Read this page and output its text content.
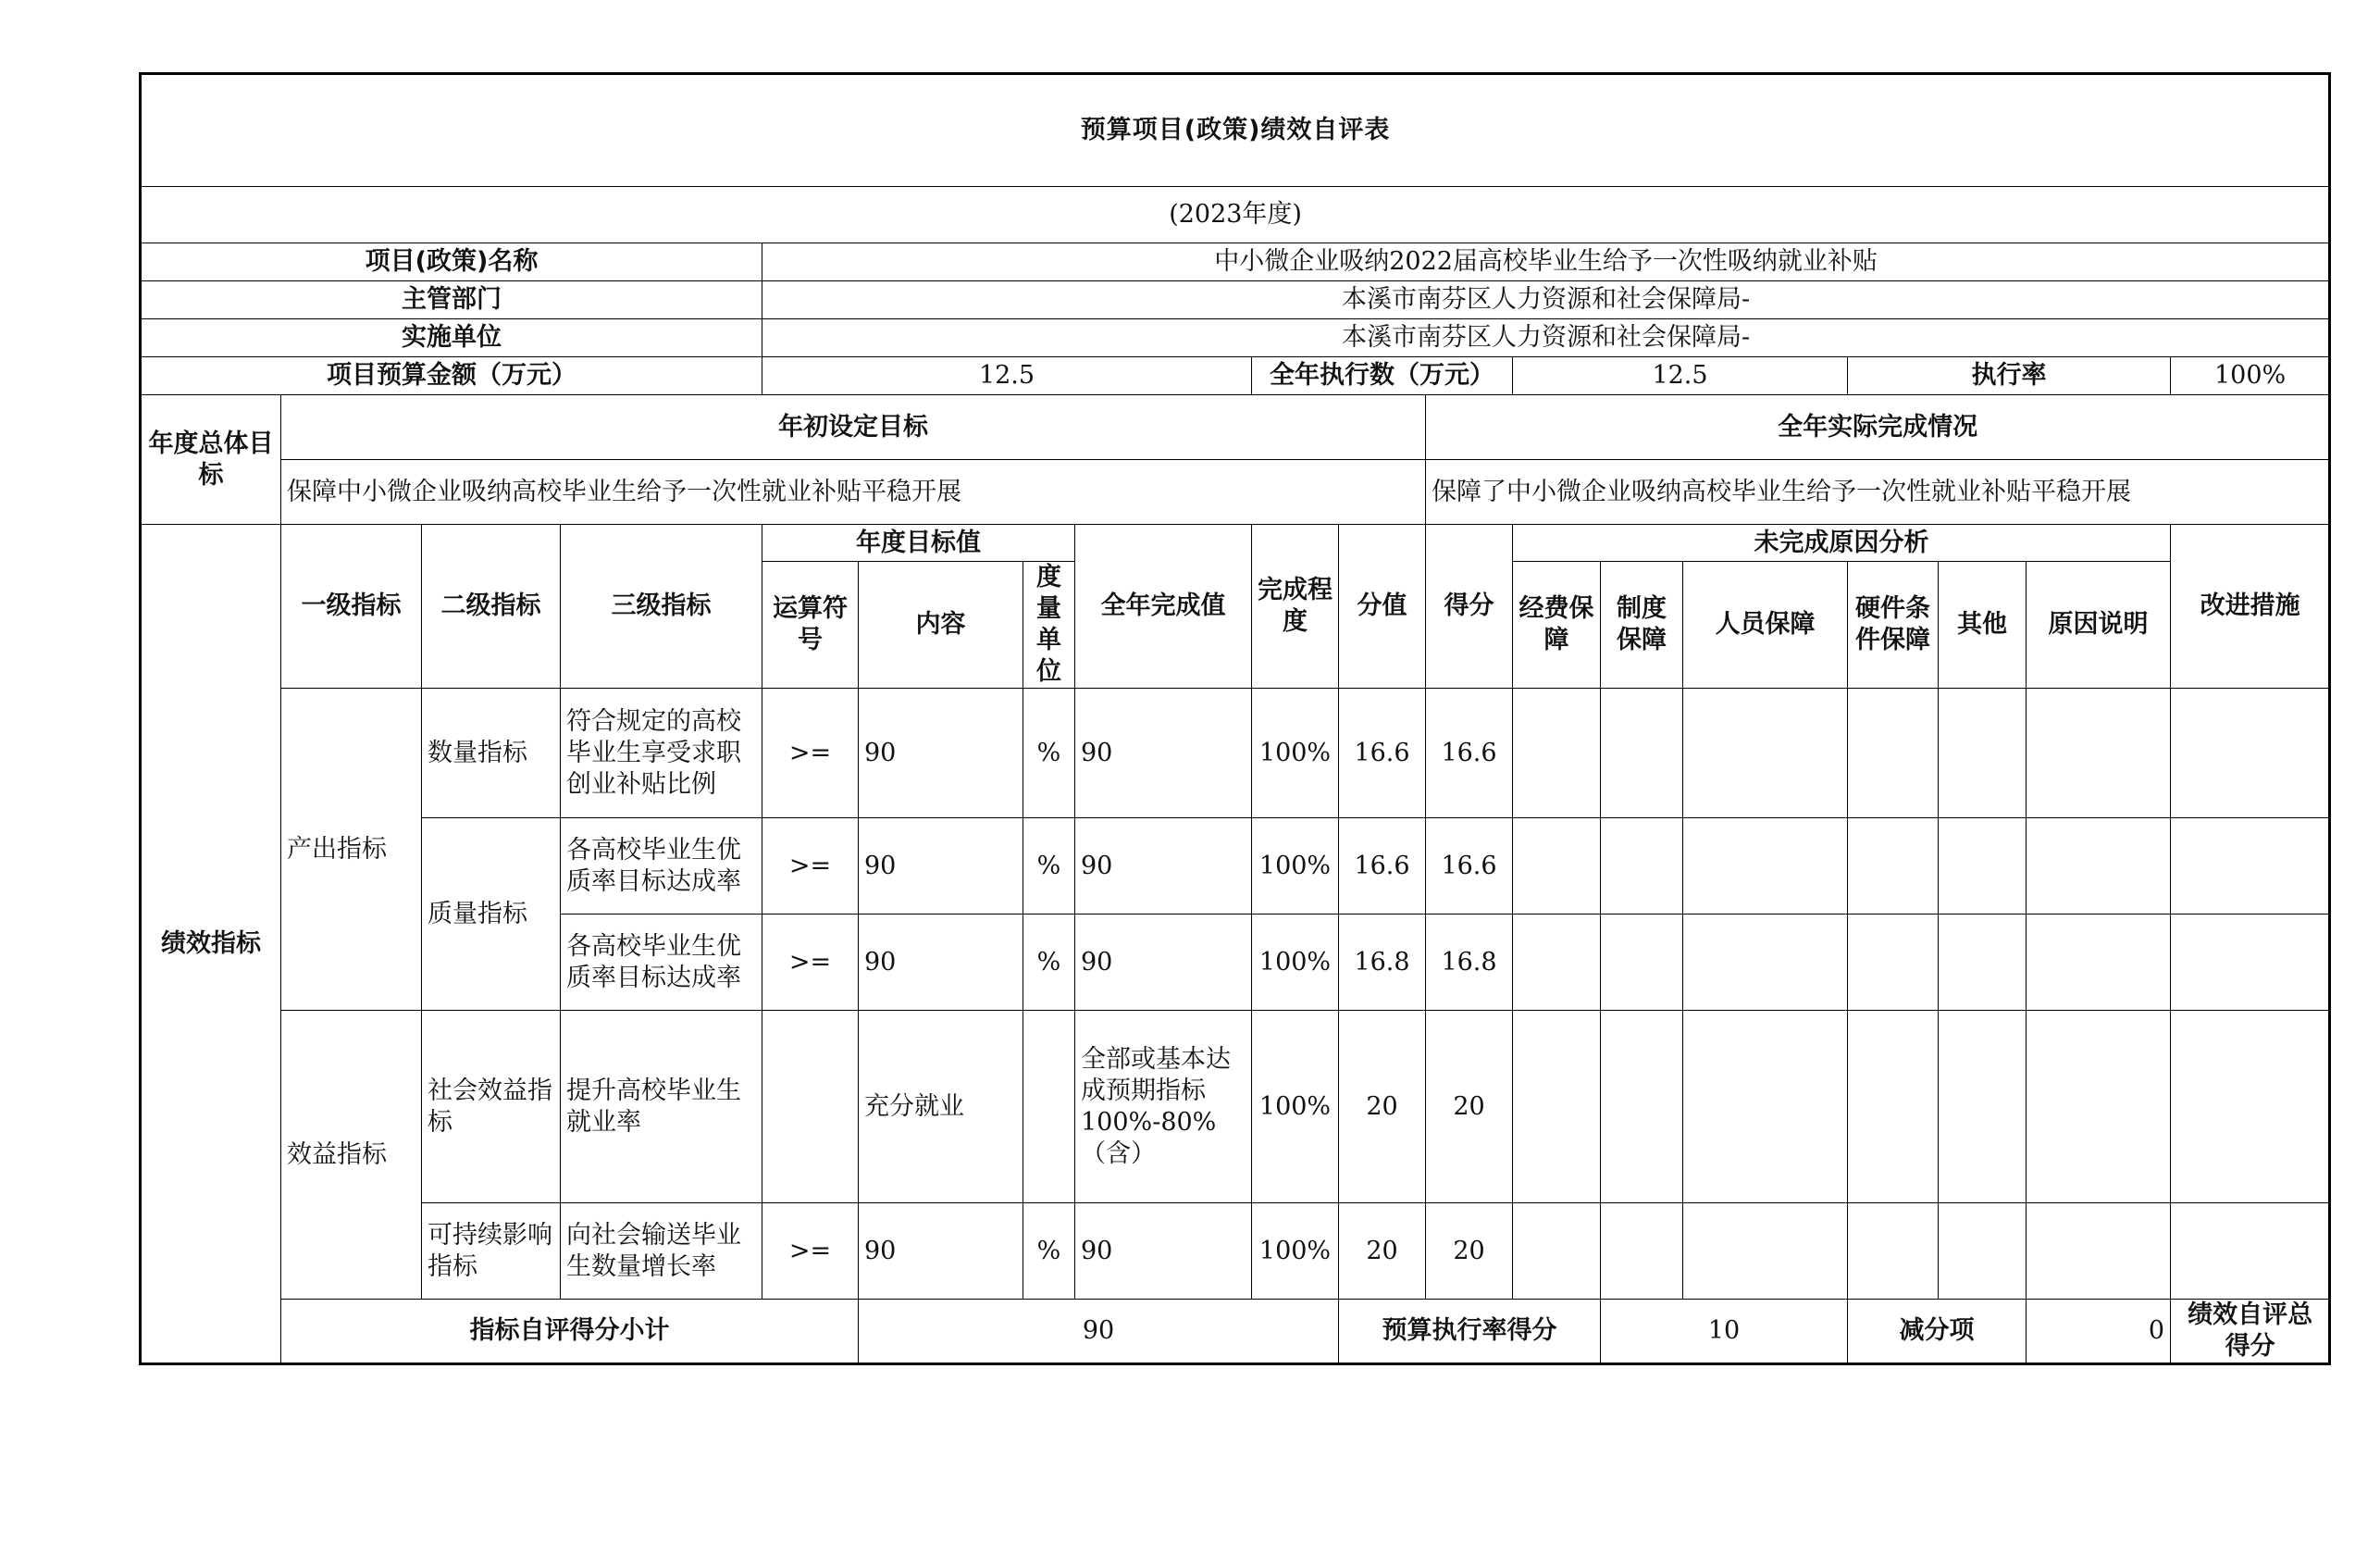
预算项目(政策)绩效自评表																		
(2023年度)																		
项目(政策)名称				中小微企业吸纳2022届高校毕业生给予一次性吸纳就业补贴														
主管部门				本溪市南芬区人力资源和社会保障局-														
实施单位				本溪市南芬区人力资源和社会保障局-														
项目预算金额（万元）				12.5				全年执行数（万元）			12.5			执行率			100%	
年度总体目标	年初设定目标									全年实际完成情况								
	保障中小微企业吸纳高校毕业生给予一次性就业补贴平稳开展									保障了中小微企业吸纳高校毕业生给予一次性就业补贴平稳开展								
绩效指标	一级指标	二级指标	三级指标	年度目标值			全年完成值	完成程度	分值	得分	未完成原因分析						改进措施	
				运算符号	内容	度量单位					经费保障	制度保障	人员保障	硬件条件保障	其他	原因说明		
	产出指标	数量指标	符合规定的高校毕业生享受求职创业补贴比例	>=	90	%	90	100%	16.6	16.6								
		质量指标	各高校毕业生优质率目标达成率	>=	90	%	90	100%	16.6	16.6								
			各高校毕业生优质率目标达成率	>=	90	%	90	100%	16.8	16.8								
	效益指标	社会效益指标	提升高校毕业生就业率		充分就业		全部或基本达成预期指标100%-80%（含）	100%	20	20								
		可持续影响指标	向社会输送毕业生数量增长率	>=	90	%	90	100%	20	20								
	指标自评得分小计				90				预算执行率得分			10		减分项		0	绩效自评总得分	
